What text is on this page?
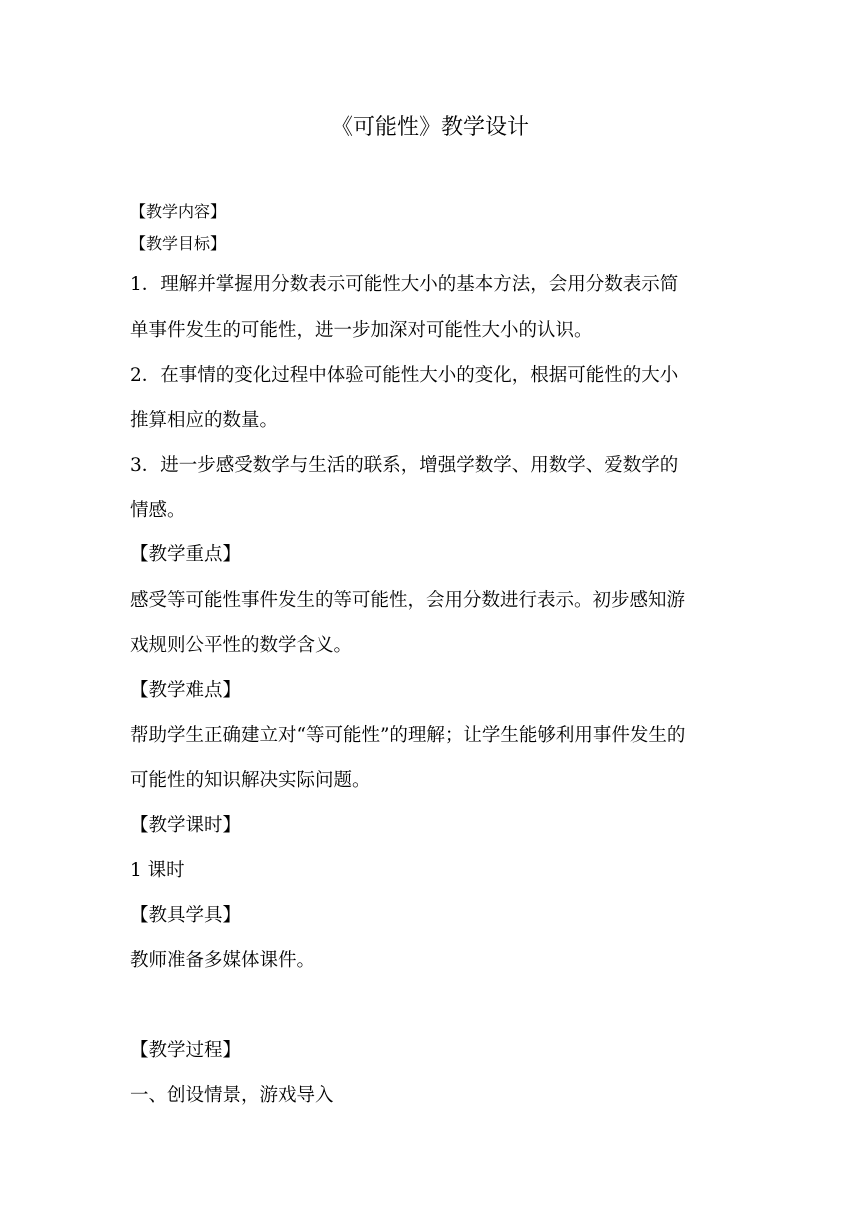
《可能性》教学设计
【教学内容】
【教学目标】
1．理解并掌握用分数表示可能性大小的基本方法，会用分数表示简
单事件发生的可能性，进一步加深对可能性大小的认识。
2．在事情的变化过程中体验可能性大小的变化，根据可能性的大小
推算相应的数量。
3．进一步感受数学与生活的联系，增强学数学、用数学、爱数学的
情感。
【教学重点】
感受等可能性事件发生的等可能性，会用分数进行表示。初步感知游
戏规则公平性的数学含义。
【教学难点】
帮助学生正确建立对“等可能性”的理解；让学生能够利用事件发生的
可能性的知识解决实际问题。
【教学课时】
1 课时
【教具学具】
教师准备多媒体课件。
【教学过程】
一、创设情景，游戏导入
